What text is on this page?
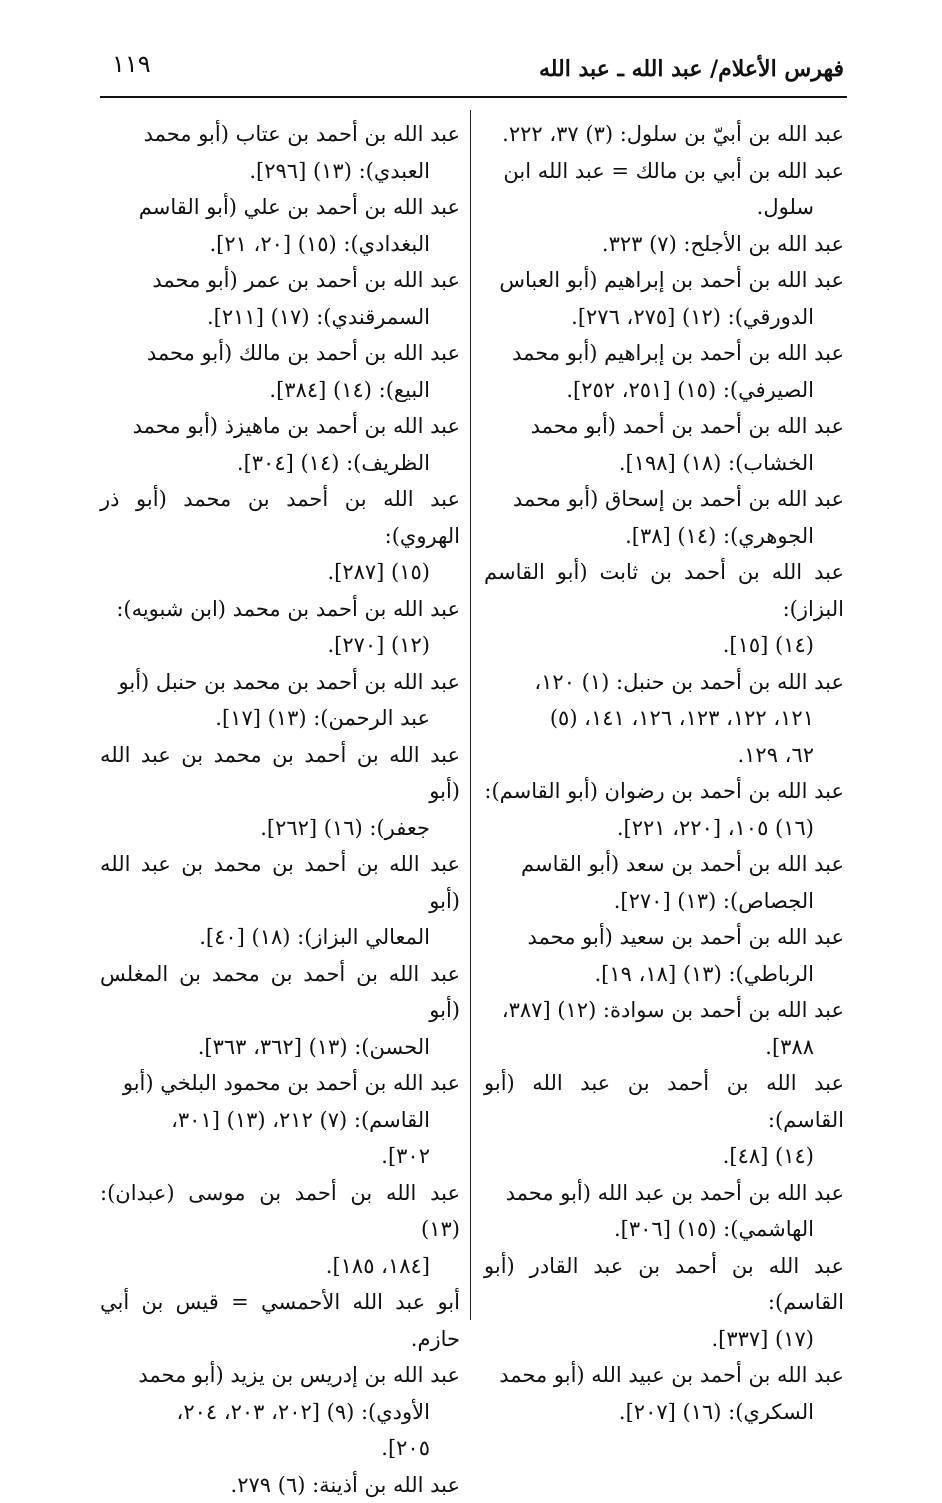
١١٩	فهرس الأعلام/ عبد الله ـ عبد الله
عبد الله بن أبيّ بن سلول: (٣) ٣٧، ٢٢٢.
عبد الله بن أبي بن مالك = عبد الله ابن
سلول.
عبد الله بن الأجلح: (٧) ٣٢٣.
عبد الله بن أحمد بن إبراهيم (أبو العباس
الدورقي): (١٢) [٢٧٥، ٢٧٦].
عبد الله بن أحمد بن إبراهيم (أبو محمد
الصيرفي): (١٥) [٢٥١، ٢٥٢].
عبد الله بن أحمد بن أحمد (أبو محمد
الخشاب): (١٨) [١٩٨].
عبد الله بن أحمد بن إسحاق (أبو محمد
الجوهري): (١٤) [٣٨].
عبد الله بن أحمد بن ثابت (أبو القاسم البزاز):
(١٤) [١٥].
عبد الله بن أحمد بن حنبل: (١) ١٢٠،
١٢١، ١٢٢، ١٢٣، ١٢٦، ١٤١، (٥)
٦٢، ١٢٩.
عبد الله بن أحمد بن رضوان (أبو القاسم):
(١٦) ١٠٥، [٢٢٠، ٢٢١].
عبد الله بن أحمد بن سعد (أبو القاسم
الجصاص): (١٣) [٢٧٠].
عبد الله بن أحمد بن سعيد (أبو محمد
الرباطي): (١٣) [١٨، ١٩].
عبد الله بن أحمد بن سوادة: (١٢) [٣٨٧،
٣٨٨].
عبد الله بن أحمد بن عبد الله (أبو القاسم):
(١٤) [٤٨].
عبد الله بن أحمد بن عبد الله (أبو محمد
الهاشمي): (١٥) [٣٠٦].
عبد الله بن أحمد بن عبد القادر (أبو القاسم):
(١٧) [٣٣٧].
عبد الله بن أحمد بن عبيد الله (أبو محمد
السكري): (١٦) [٢٠٧].
عبد الله بن أحمد بن عتاب (أبو محمد
العبدي): (١٣) [٢٩٦].
عبد الله بن أحمد بن علي (أبو القاسم
البغدادي): (١٥) [٢٠، ٢١].
عبد الله بن أحمد بن عمر (أبو محمد
السمرقندي): (١٧) [٢١١].
عبد الله بن أحمد بن مالك (أبو محمد
البيع): (١٤) [٣٨٤].
عبد الله بن أحمد بن ماهيزذ (أبو محمد
الظريف): (١٤) [٣٠٤].
عبد الله بن أحمد بن محمد (أبو ذر الهروي):
(١٥) [٢٨٧].
عبد الله بن أحمد بن محمد (ابن شبويه):
(١٢) [٢٧٠].
عبد الله بن أحمد بن محمد بن حنبل (أبو
عبد الرحمن): (١٣) [١٧].
عبد الله بن أحمد بن محمد بن عبد الله (أبو
جعفر): (١٦) [٢٦٢].
عبد الله بن أحمد بن محمد بن عبد الله (أبو
المعالي البزاز): (١٨) [٤٠].
عبد الله بن أحمد بن محمد بن المغلس (أبو
الحسن): (١٣) [٣٦٢، ٣٦٣].
عبد الله بن أحمد بن محمود البلخي (أبو
القاسم): (٧) ٢١٢، (١٣) [٣٠١،
٣٠٢].
عبد الله بن أحمد بن موسى (عبدان): (١٣)
[١٨٤، ١٨٥].
أبو عبد الله الأحمسي = قيس بن أبي حازم.
عبد الله بن إدريس بن يزيد (أبو محمد
الأودي): (٩) [٢٠٢، ٢٠٣، ٢٠٤،
٢٠٥].
عبد الله بن أذينة: (٦) ٢٧٩.
